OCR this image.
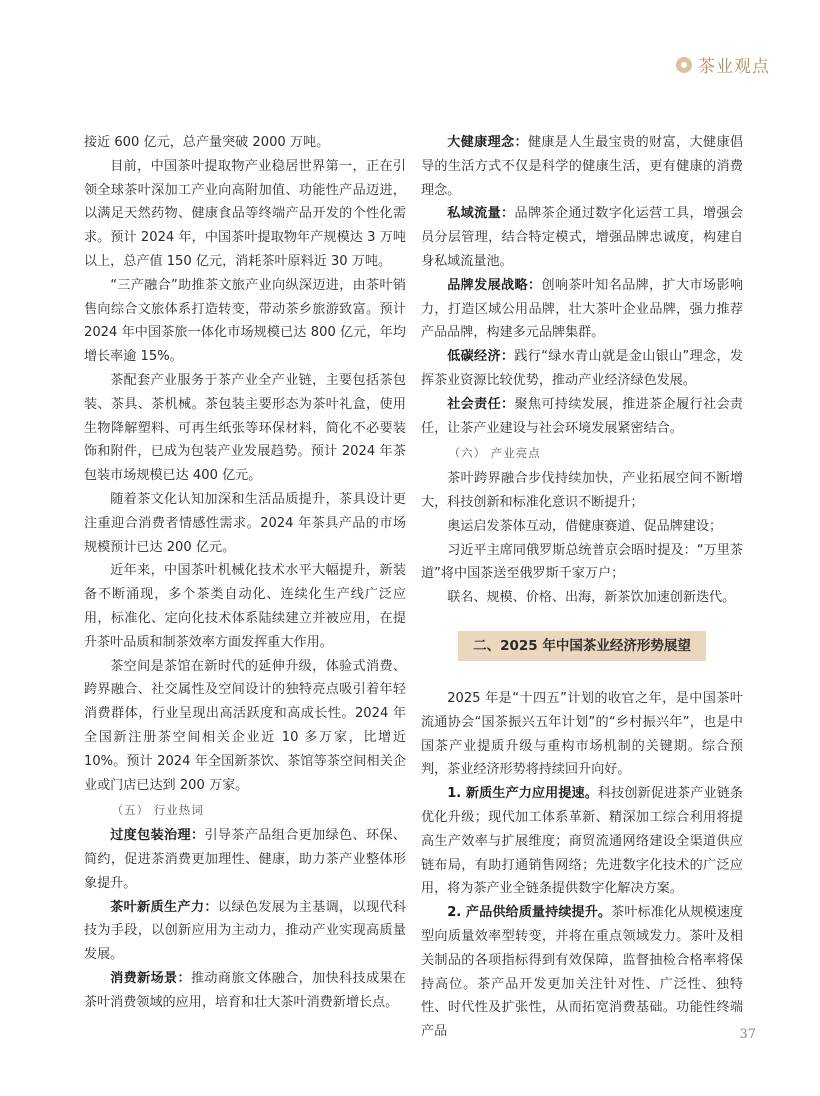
茶业观点

接近 600 亿元，总产量突破 2000 万吨。

目前，中国茶叶提取物产业稳居世界第一，正在引领全球茶叶深加工产业向高附加值、功能性产品迈进，以满足天然药物、健康食品等终端产品开发的个性化需求。预计 2024 年，中国茶叶提取物年产规模达 3 万吨以上，总产值 150 亿元，消耗茶叶原料近 30 万吨。

“三产融合”助推茶文旅产业向纵深迈进，由茶叶销售向综合文旅体系打造转变，带动茶乡旅游致富。预计 2024 年中国茶旅一体化市场规模已达 800 亿元，年均增长率逾 15%。

茶配套产业服务于茶产业全产业链，主要包括茶包装、茶具、茶机械。茶包装主要形态为茶叶礼盒，使用生物降解塑料、可再生纸张等环保材料，简化不必要装饰和附件，已成为包装产业发展趋势。预计 2024 年茶包装市场规模已达 400 亿元。

随着茶文化认知加深和生活品质提升，茶具设计更注重迎合消费者情感性需求。2024 年茶具产品的市场规模预计已达 200 亿元。

近年来，中国茶叶机械化技术水平大幅提升，新装备不断涌现，多个茶类自动化、连续化生产线广泛应用，标准化、定向化技术体系陆续建立并被应用，在提升茶叶品质和制茶效率方面发挥重大作用。

茶空间是茶馆在新时代的延伸升级，体验式消费、跨界融合、社交属性及空间设计的独特亮点吸引着年轻消费群体，行业呈现出高活跃度和高成长性。2024 年全国新注册茶空间相关企业近 10 多万家，比增近 10%。预计 2024 年全国新茶饮、茶馆等茶空间相关企业或门店已达到 200 万家。

（五） 行业热词

过度包装治理：引导茶产品组合更加绿色、环保、简约，促进茶消费更加理性、健康，助力茶产业整体形象提升。

茶叶新质生产力：以绿色发展为主基调，以现代科技为手段，以创新应用为主动力，推动产业实现高质量发展。

消费新场景：推动商旅文体融合，加快科技成果在茶叶消费领域的应用，培育和壮大茶叶消费新增长点。

大健康理念：健康是人生最宝贵的财富，大健康倡导的生活方式不仅是科学的健康生活，更有健康的消费理念。

私域流量：品牌茶企通过数字化运营工具，增强会员分层管理，结合特定模式，增强品牌忠诚度，构建自身私域流量池。

品牌发展战略：创响茶叶知名品牌，扩大市场影响力，打造区域公用品牌，壮大茶叶企业品牌，强力推荐产品品牌，构建多元品牌集群。

低碳经济：践行“绿水青山就是金山银山”理念，发挥茶业资源比较优势，推动产业经济绿色发展。

社会责任：聚焦可持续发展，推进茶企履行社会责任，让茶产业建设与社会环境发展紧密结合。

（六） 产业亮点

茶叶跨界融合步伐持续加快，产业拓展空间不断增大，科技创新和标准化意识不断提升；

奥运启发茶体互动，借健康赛道、促品牌建设；

习近平主席同俄罗斯总统普京会晤时提及：“万里茶道”将中国茶送至俄罗斯千家万户；

联名、规模、价格、出海，新茶饮加速创新迭代。

二、2025 年中国茶业经济形势展望

2025 年是“十四五”计划的收官之年，是中国茶叶流通协会“国茶振兴五年计划”的“乡村振兴年”，也是中国茶产业提质升级与重构市场机制的关键期。综合预判，茶业经济形势将持续回升向好。

1. 新质生产力应用提速。科技创新促进茶产业链条优化升级；现代加工体系革新、精深加工综合利用将提高生产效率与扩展维度；商贸流通网络建设全渠道供应链布局，有助打通销售网络；先进数字化技术的广泛应用，将为茶产业全链条提供数字化解决方案。

2. 产品供给质量持续提升。茶叶标准化从规模速度型向质量效率型转变，并将在重点领域发力。茶叶及相关制品的各项指标得到有效保障，监督抽检合格率将保持高位。茶产品开发更加关注针对性、广泛性、独特性、时代性及扩张性，从而拓宽消费基础。功能性终端产品	37
